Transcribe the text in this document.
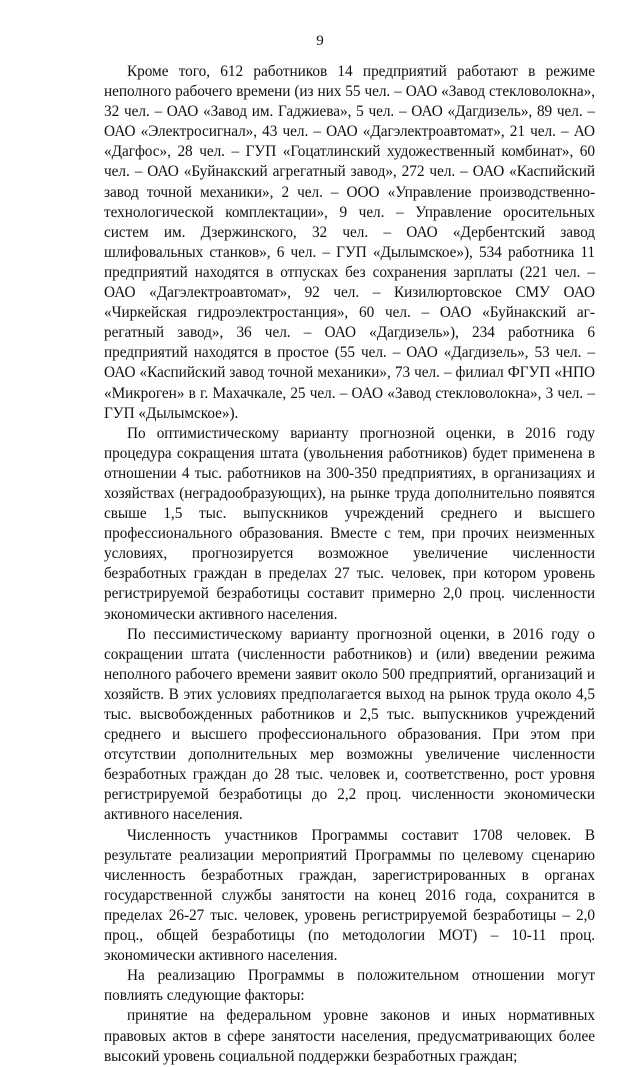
9

Кроме того, 612 работников 14 предприятий работают в режиме неполного рабочего времени (из них 55 чел. – ОАО «Завод стекловолокна», 32 чел. – ОАО «Завод им. Гаджиева», 5 чел. – ОАО «Дагдизель», 89 чел. – ОАО «Электросигнал», 43 чел. – ОАО «Дагэлектроавтомат», 21 чел. – АО «Дагфос», 28 чел. – ГУП «Гоцатлинский художественный комбинат», 60 чел. – ОАО «Буйнакский агрегатный завод», 272 чел. – ОАО «Каспийский завод точной механики», 2 чел. – ООО «Управление производственно-технологической комплектации», 9 чел. – Управление оросительных систем им. Дзержинского, 32 чел. – ОАО «Дербентский завод шлифовальных станков», 6 чел. – ГУП «Дылымское»), 534 работника 11 предприятий находятся в отпусках без сохранения зарплаты (221 чел. – ОАО «Дагэлектроавтомат», 92 чел. – Кизилюртовское СМУ ОАО «Чиркейская гидроэлектростанция», 60 чел. – ОАО «Буйнакский агрегатный завод», 36 чел. – ОАО «Дагдизель»), 234 работника 6 предприятий находятся в простое (55 чел. – ОАО «Дагдизель», 53 чел. – ОАО «Каспийский завод точной механики», 73 чел. – филиал ФГУП «НПО «Микроген» в г. Махачкале, 25 чел. – ОАО «Завод стекловолокна», 3 чел. – ГУП «Дылымское»).

По оптимистическому варианту прогнозной оценки, в 2016 году процедура сокращения штата (увольнения работников) будет применена в отношении 4 тыс. работников на 300-350 предприятиях, в организациях и хозяйствах (неградообразующих), на рынке труда дополнительно появятся свыше 1,5 тыс. выпускников учреждений среднего и высшего профессионального образования. Вместе с тем, при прочих неизменных условиях, прогнозируется возможное увеличение численности безработных граждан в пределах 27 тыс. человек, при котором уровень регистрируемой безработицы составит примерно 2,0 проц. численности экономически активного населения.

По пессимистическому варианту прогнозной оценки, в 2016 году о сокращении штата (численности работников) и (или) введении режима неполного рабочего времени заявит около 500 предприятий, организаций и хозяйств. В этих условиях предполагается выход на рынок труда около 4,5 тыс. высвобожденных работников и 2,5 тыс. выпускников учреждений среднего и высшего профессионального образования. При этом при отсутствии дополнительных мер возможны увеличение численности безработных граждан до 28 тыс. человек и, соответственно, рост уровня регистрируемой безработицы до 2,2 проц. численности экономически активного населения.

Численность участников Программы составит 1708 человек. В результате реализации мероприятий Программы по целевому сценарию численность безработных граждан, зарегистрированных в органах государственной службы занятости на конец 2016 года, сохранится в пределах 26-27 тыс. человек, уровень регистрируемой безработицы – 2,0 проц., общей безработицы (по методологии МОТ) – 10-11 проц. экономически активного населения.

На реализацию Программы в положительном отношении могут повлиять следующие факторы:

принятие на федеральном уровне законов и иных нормативных правовых актов в сфере занятости населения, предусматривающих более высокий уровень социальной поддержки безработных граждан;
